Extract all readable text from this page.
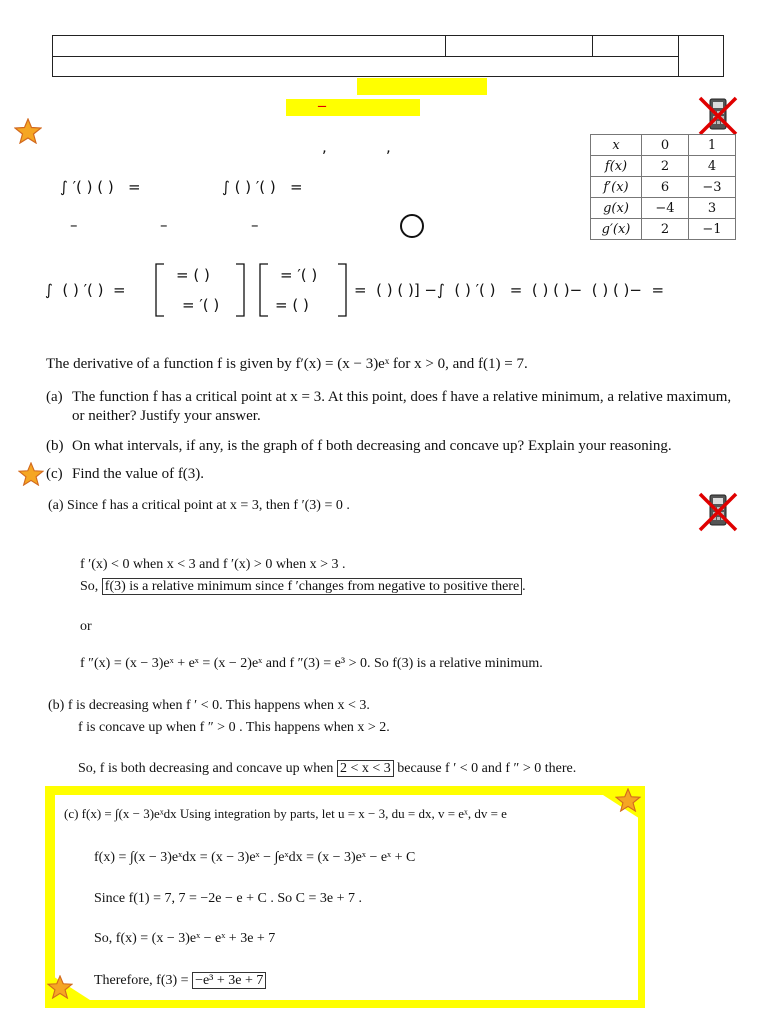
–
x	0	1
f(x)	2	4
f′(x)	6	−3
g(x)	−4	3
g′(x)	2	−1
,	,
∫ ′( ) ( )   =	∫ ( ) ′( )   =
–	–	–
∫  ( ) ′( )  =
= ( )
= ′( )
= ′( )
= ( )
=  ( ) ( )] −∫  ( ) ′( )   =  ( ) ( )−  ( ) ( )−  =
The derivative of a function f is given by f′(x) = (x − 3)eˣ for x > 0, and f(1) = 7.
(a) The function f has a critical point at x = 3. At this point, does f have a relative minimum, a relative maximum, or neither? Justify your answer.
(b) On what intervals, if any, is the graph of f both decreasing and concave up? Explain your reasoning.
(c) Find the value of f(3).
(a) Since f has a critical point at x = 3, then f ′(3) = 0 .
f ′(x) < 0 when x < 3 and f ′(x) > 0 when x > 3 .
So, f(3) is a relative minimum since f ′changes from negative to positive there .
or
f ″(x) = (x − 3)eˣ + eˣ = (x − 2)eˣ and f ″(3) = e³ > 0. So f(3) is a relative minimum.
(b) f is decreasing when f ′ < 0. This happens when x < 3.
f is concave up when f ″ > 0 . This happens when x > 2.
So, f is both decreasing and concave up when 2 < x < 3 because f ′ < 0 and f ″ > 0 there.
(c) f(x) = ∫(x − 3)eˣdx Using integration by parts, let u = x − 3, du = dx, v = eˣ, dv = e
f(x) = ∫(x − 3)eˣdx = (x − 3)eˣ − ∫eˣdx = (x − 3)eˣ − eˣ + C
Since f(1) = 7, 7 = −2e − e + C . So C = 3e + 7 .
So, f(x) = (x − 3)eˣ − eˣ + 3e + 7
Therefore, f(3) = −e³ + 3e + 7
